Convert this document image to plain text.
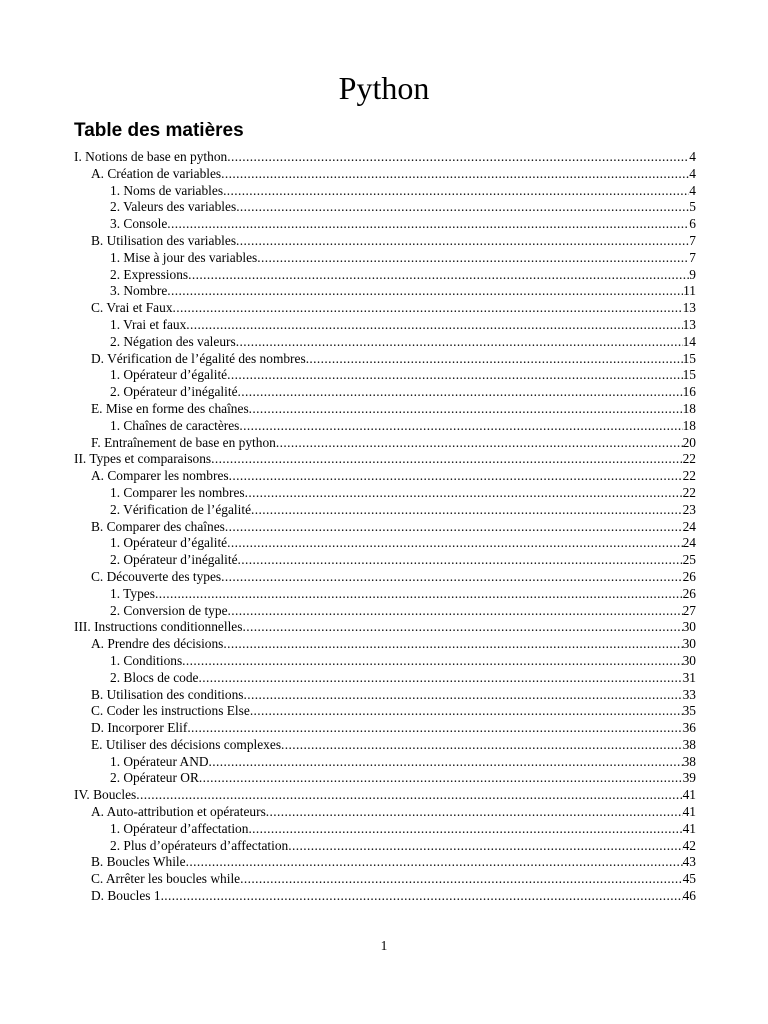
Python
Table des matières
I. Notions de base en python .....	4
A. Création de variables .....	4
1. Noms de variables .....	4
2. Valeurs des variables .....	5
3. Console .....	6
B. Utilisation des variables .....	7
1. Mise à jour des variables .....	7
2. Expressions .....	9
3. Nombre .....	11
C. Vrai et Faux .....	13
1. Vrai et faux .....	13
2. Négation des valeurs .....	14
D. Vérification de l’égalité des nombres .....	15
1. Opérateur d’égalité .....	15
2. Opérateur d’inégalité .....	16
E. Mise en forme des chaînes .....	18
1. Chaînes de caractères .....	18
F. Entraînement de base en python .....	20
II. Types et comparaisons .....	22
A. Comparer les nombres .....	22
1. Comparer les nombres .....	22
2. Vérification de l’égalité .....	23
B. Comparer des chaînes .....	24
1. Opérateur d’égalité .....	24
2. Opérateur d’inégalité .....	25
C. Découverte des types .....	26
1. Types .....	26
2. Conversion de type .....	27
III. Instructions conditionnelles .....	30
A. Prendre des décisions .....	30
1. Conditions .....	30
2. Blocs de code .....	31
B. Utilisation des conditions .....	33
C. Coder les instructions Else .....	35
D. Incorporer Elif .....	36
E. Utiliser des décisions complexes .....	38
1. Opérateur AND .....	38
2. Opérateur OR .....	39
IV. Boucles .....	41
A. Auto-attribution et opérateurs .....	41
1. Opérateur d’affectation .....	41
2. Plus d’opérateurs d’affectation .....	42
B. Boucles While .....	43
C. Arrêter les boucles while .....	45
D. Boucles 1 .....	46
1
